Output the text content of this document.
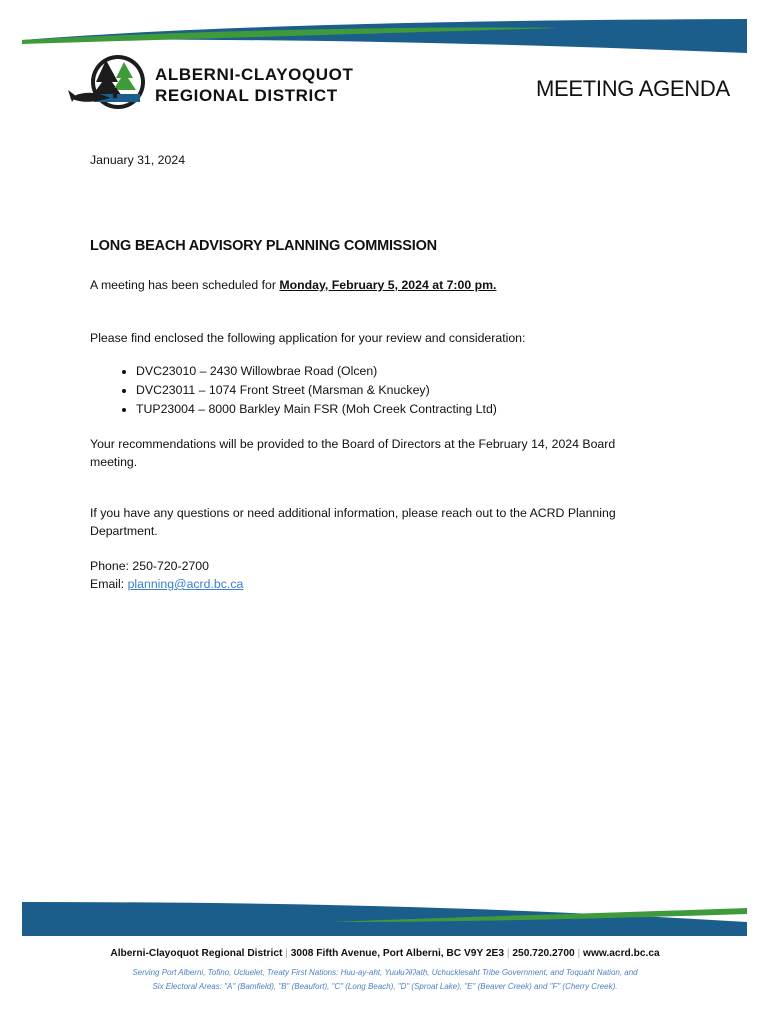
ALBERNI-CLAYOQUOT
REGIONAL DISTRICT	MEETING AGENDA
January 31, 2024
LONG BEACH ADVISORY PLANNING COMMISSION
A meeting has been scheduled for Monday, February 5, 2024 at 7:00 pm.
Please find enclosed the following application for your review and consideration:
• DVC23010 – 2430 Willowbrae Road (Olcen)
• DVC23011 – 1074 Front Street (Marsman & Knuckey)
• TUP23004 – 8000 Barkley Main FSR (Moh Creek Contracting Ltd)
Your recommendations will be provided to the Board of Directors at the February 14, 2024 Board meeting.
If you have any questions or need additional information, please reach out to the ACRD Planning Department.
Phone: 250-720-2700
Email: planning@acrd.bc.ca
Alberni-Clayoquot Regional District | 3008 Fifth Avenue, Port Alberni, BC V9Y 2E3 | 250.720.2700 | www.acrd.bc.ca
Serving Port Alberni, Tofino, Ucluelet, Treaty First Nations: Huu-ay-aht, Yuułuʔiłʔatḥ, Uchucklesaht Tribe Government, and Toquaht Nation, and
Six Electoral Areas: "A" (Bamfield), "B" (Beaufort), "C" (Long Beach), "D" (Sproat Lake), "E" (Beaver Creek) and "F" (Cherry Creek).
